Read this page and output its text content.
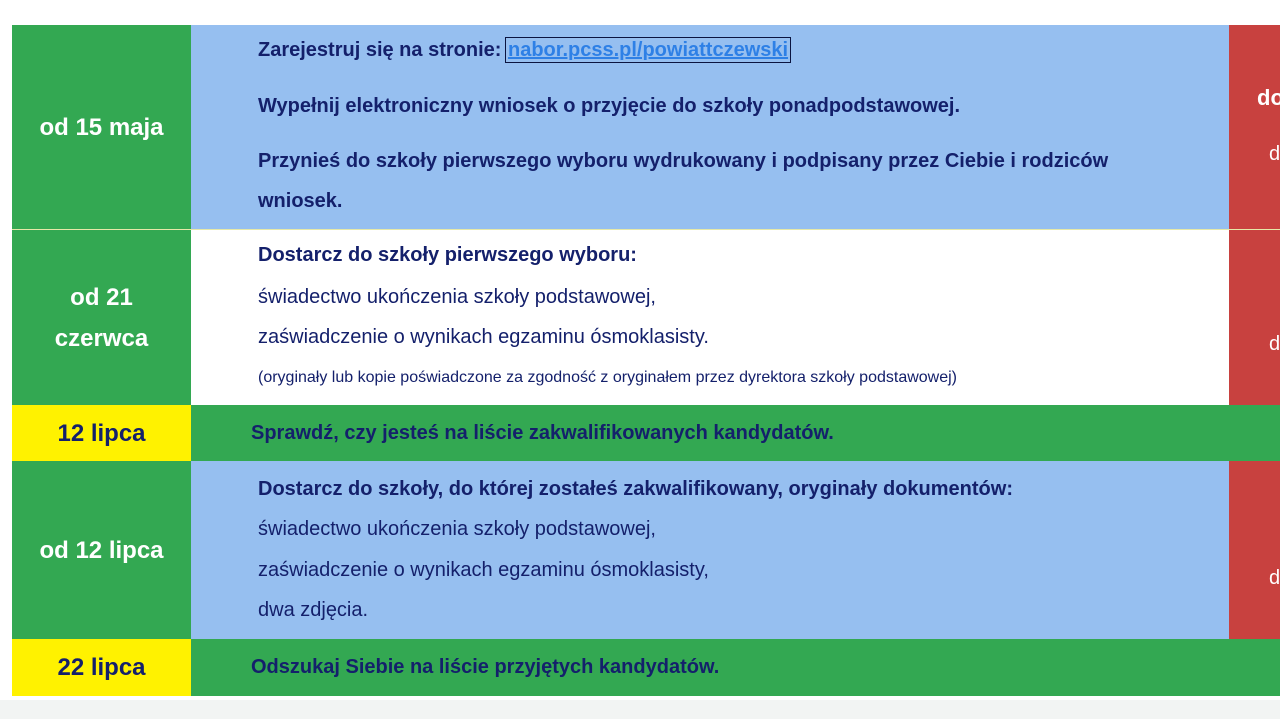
od 15 maja
Zarejestruj się na stronie: nabor.pcss.pl/powiattczewski
Wypełnij elektroniczny wniosek o przyjęcie do szkoły ponadpodstawowej.
Przynieś do szkoły pierwszego wyboru wydrukowany i podpisany przez Ciebie i rodziców
wniosek.
do
d
od 21
czerwca
Dostarcz do szkoły pierwszego wyboru:
świadectwo ukończenia szkoły podstawowej,
zaświadczenie o wynikach egzaminu ósmoklasisty.
(oryginały lub kopie poświadczone za zgodność z oryginałem przez dyrektora szkoły podstawowej)
d
12 lipca	Sprawdź, czy jesteś na liście zakwalifikowanych kandydatów.
od 12 lipca
Dostarcz do szkoły, do której zostałeś zakwalifikowany, oryginały dokumentów:
świadectwo ukończenia szkoły podstawowej,
zaświadczenie o wynikach egzaminu ósmoklasisty,
dwa zdjęcia.
d
22 lipca	Odszukaj Siebie na liście przyjętych kandydatów.
